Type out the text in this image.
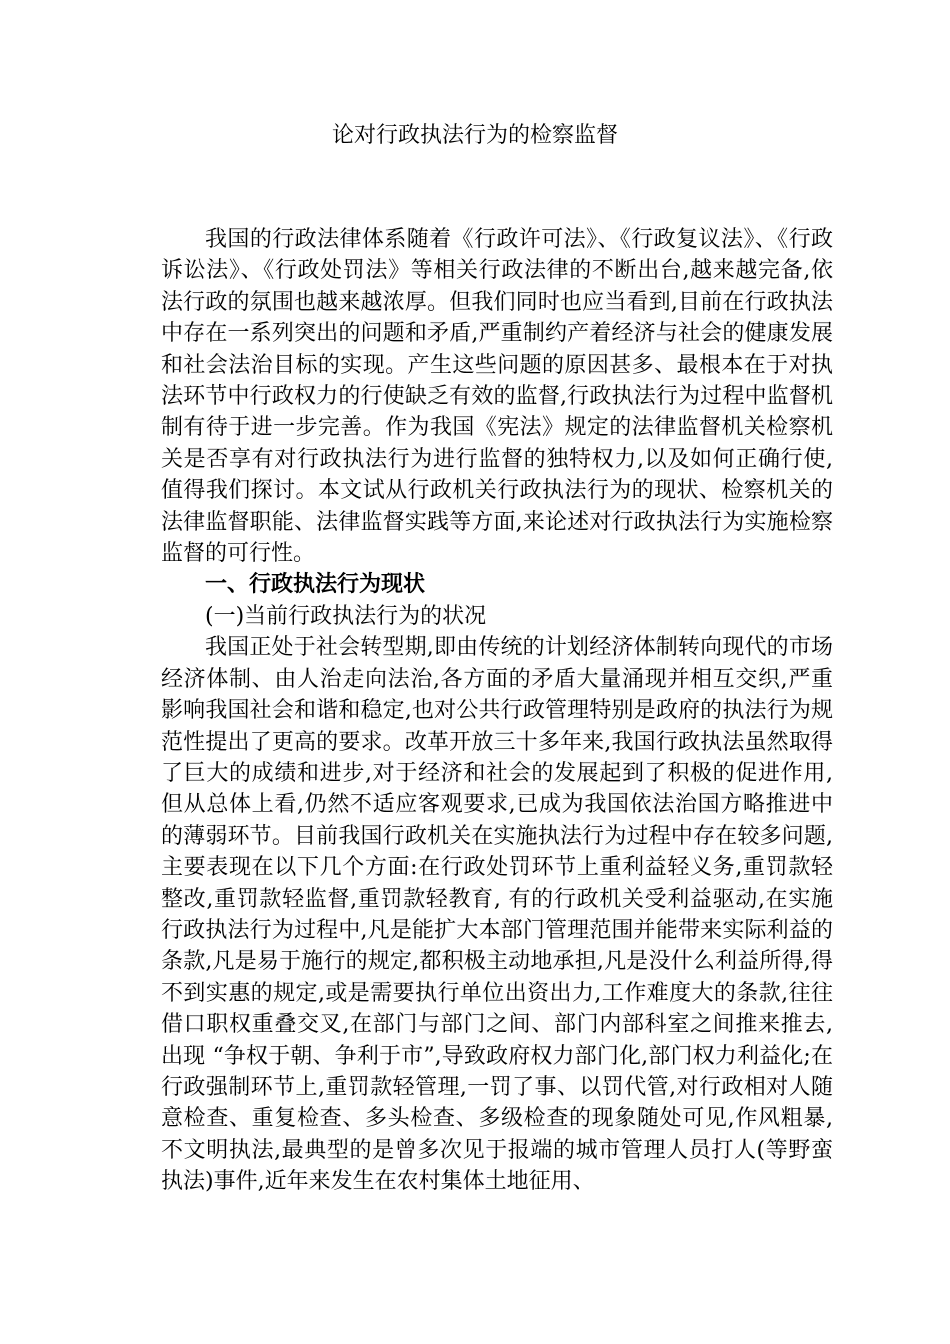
论对行政执法行为的检察监督

我国的行政法律体系随着《行政许可法》、《行政复议法》、《行政诉讼法》、《行政处罚法》等相关行政法律的不断出台,越来越完备,依法行政的氛围也越来越浓厚。但我们同时也应当看到,目前在行政执法中存在一系列突出的问题和矛盾,严重制约产着经济与社会的健康发展和社会法治目标的实现。产生这些问题的原因甚多、最根本在于对执法环节中行政权力的行使缺乏有效的监督,行政执法行为过程中监督机制有待于进一步完善。作为我国《宪法》规定的法律监督机关检察机关是否享有对行政执法行为进行监督的独特权力,以及如何正确行使,值得我们探讨。本文试从行政机关行政执法行为的现状、检察机关的法律监督职能、法律监督实践等方面,来论述对行政执法行为实施检察监督的可行性。

一、行政执法行为现状

(一)当前行政执法行为的状况

我国正处于社会转型期,即由传统的计划经济体制转向现代的市场经济体制、由人治走向法治,各方面的矛盾大量涌现并相互交织,严重影响我国社会和谐和稳定,也对公共行政管理特别是政府的执法行为规范性提出了更高的要求。改革开放三十多年来,我国行政执法虽然取得了巨大的成绩和进步,对于经济和社会的发展起到了积极的促进作用,但从总体上看,仍然不适应客观要求,已成为我国依法治国方略推进中的薄弱环节。目前我国行政机关在实施执法行为过程中存在较多问题,主要表现在以下几个方面:在行政处罚环节上重利益轻义务,重罚款轻整改,重罚款轻监督,重罚款轻教育, 有的行政机关受利益驱动,在实施行政执法行为过程中,凡是能扩大本部门管理范围并能带来实际利益的条款,凡是易于施行的规定,都积极主动地承担,凡是没什么利益所得,得不到实惠的规定,或是需要执行单位出资出力,工作难度大的条款,往往借口职权重叠交叉,在部门与部门之间、部门内部科室之间推来推去,出现 “争权于朝、争利于市”,导致政府权力部门化,部门权力利益化;在行政强制环节上,重罚款轻管理,一罚了事、以罚代管,对行政相对人随意检查、重复检查、多头检查、多级检查的现象随处可见,作风粗暴,不文明执法,最典型的是曾多次见于报端的城市管理人员打人(等野蛮执法)事件,近年来发生在农村集体土地征用、
